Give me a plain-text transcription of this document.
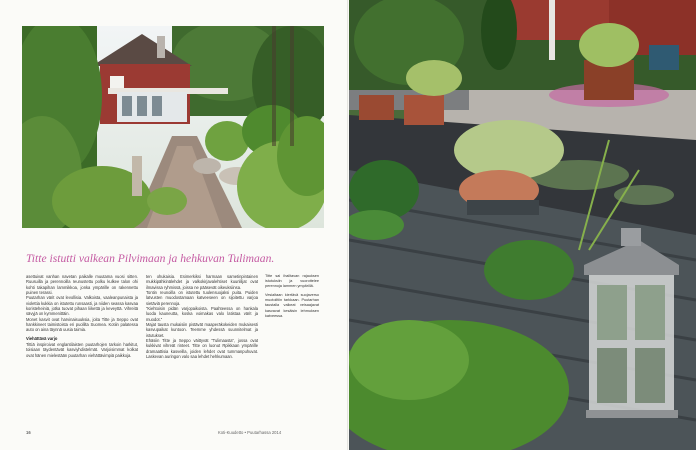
Titte istutti valkean Pilvimaan ja hehkuvan Tulimaan.
asettuivat vanhan navetan paikalle muutama vuosi sitten. Ruusuilla ja perennoilla reunustettu polku kulkee talon ohi kohti takapihan lammikkoa, jonka ympärille on rakennettu puinen terassi.
Puutarhan värit ovat levollisia. Valkoista, vaaleanpunaista ja violettia kukkia on istutettu runsaasti, ja niiden seassa kasvaa koristeheiniä, jotka tuovat pihaan liikettä ja keveyttä. Vihreitä sävyjä on kymmenittäin.
Monet kasvit ovat harvinaisuuksia, joita Titte ja Seppo ovat hankkineet taimistoista eri puolilta Suomea. Kotiin palatessa auto on aina täynnä uusia taimia.
Viehättävä varjo
Tittiä inspiroivat englantilaisten puutarhojen tarkoin harkitut, toisiaan täydentävät kasviyhdistelmät. Varjoisimmat kolkat ovat hänen mielestään puutarhan viehättävimpiä paikkoja.
ten ohukaisia. Esimerkiksi harmaan sametinpintainen mukkipähkinälehdet ja valkokirjavalehtiset kuunliljat ovat ilmavissa ryhmissä, joissa ne pääsevät oikeuksiinsa.
Tontin reunoilla on istutettu tuulensuojaksi puita. Puiden latvusten muodostamaan katveeseen on sijoitettu varjoa sietäviä perennoja.
”Kiehtoisin pidän varjopaikoista. Paahteessa on hankala luoda kauneutta, koska voimakas valo latistaa värit ja muodot.”
Majat tausta mukaisiin pistävät maaperäkokeiden mukaisesti kasvupaikat kuntoon. Teemme yhdessä suunnitelmat ja istutukset.
Ehäsiin Titte ja Seppo väittyvät ”Tulimaasta”, jossa ovat kukkivat vihreät rinteet. Titte on luonut Rpikkaan ympärille dramaattisia kasveilla, joiden lehdet ovat tummanpuhuvat. Laskevan auringon valo saa lehdet hehkumaan.
Titte sai ihailtavan rajauksen istutuksiin ja vuorottelee perennoja lammen ympärillä.
Vesialtaan kiertävä suojaverso muotoiltiin tarkkaan. Puutarhan taustalla valkeat veisaajavat kasvavat kesäisin lehmuksen katveessa.
16	Koti-Kuudetto • Puutarhassa 2014
